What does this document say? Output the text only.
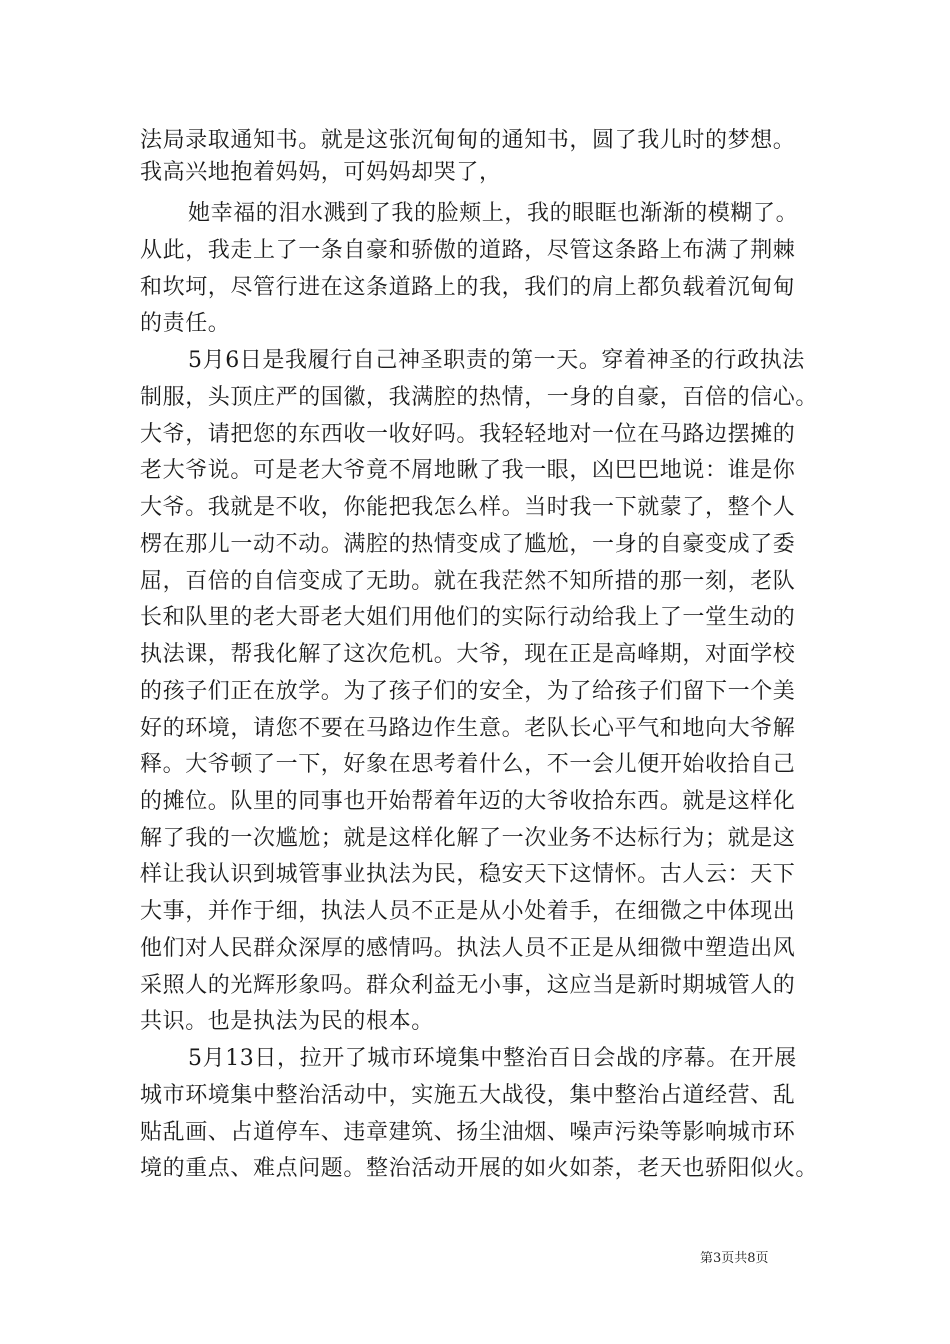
法局录取通知书。就是这张沉甸甸的通知书，圆了我儿时的梦想。
我高兴地抱着妈妈，可妈妈却哭了，
她幸福的泪水溅到了我的脸颊上，我的眼眶也渐渐的模糊了。
从此，我走上了一条自豪和骄傲的道路，尽管这条路上布满了荆棘
和坎坷，尽管行进在这条道路上的我，我们的肩上都负载着沉甸甸
的责任。
5月6日是我履行自己神圣职责的第一天。穿着神圣的行政执法
制服，头顶庄严的国徽，我满腔的热情，一身的自豪，百倍的信心。
大爷，请把您的东西收一收好吗。我轻轻地对一位在马路边摆摊的
老大爷说。可是老大爷竟不屑地瞅了我一眼，凶巴巴地说：谁是你
大爷。我就是不收，你能把我怎么样。当时我一下就蒙了，整个人
楞在那儿一动不动。满腔的热情变成了尴尬，一身的自豪变成了委
屈，百倍的自信变成了无助。就在我茫然不知所措的那一刻，老队
长和队里的老大哥老大姐们用他们的实际行动给我上了一堂生动的
执法课，帮我化解了这次危机。大爷，现在正是高峰期，对面学校
的孩子们正在放学。为了孩子们的安全，为了给孩子们留下一个美
好的环境，请您不要在马路边作生意。老队长心平气和地向大爷解
释。大爷顿了一下，好象在思考着什么，不一会儿便开始收拾自己
的摊位。队里的同事也开始帮着年迈的大爷收拾东西。就是这样化
解了我的一次尴尬；就是这样化解了一次业务不达标行为；就是这
样让我认识到城管事业执法为民，稳安天下这情怀。古人云：天下
大事，并作于细，执法人员不正是从小处着手，在细微之中体现出
他们对人民群众深厚的感情吗。执法人员不正是从细微中塑造出风
采照人的光辉形象吗。群众利益无小事，这应当是新时期城管人的
共识。也是执法为民的根本。
5月13日，拉开了城市环境集中整治百日会战的序幕。在开展
城市环境集中整治活动中，实施五大战役，集中整治占道经营、乱
贴乱画、占道停车、违章建筑、扬尘油烟、噪声污染等影响城市环
境的重点、难点问题。整治活动开展的如火如荼，老天也骄阳似火。
第3页共8页
